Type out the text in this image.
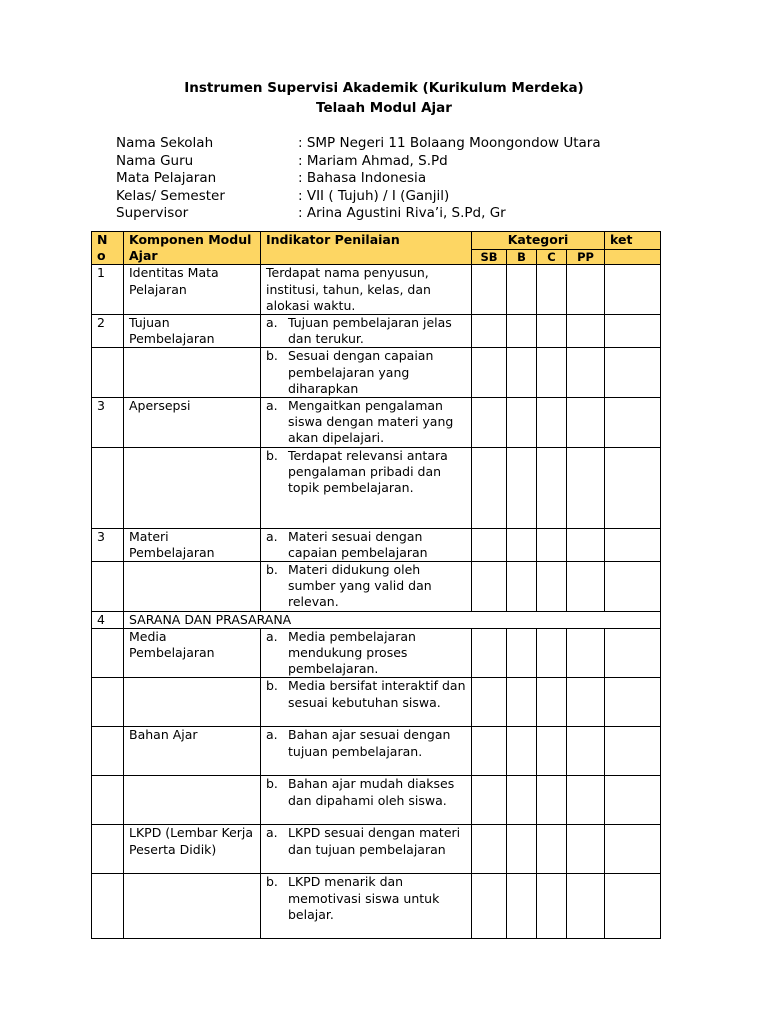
Instrumen Supervisi Akademik (Kurikulum Merdeka)
Telaah Modul Ajar
Nama Sekolah	: SMP Negeri 11 Bolaang Moongondow Utara
Nama Guru	: Mariam Ahmad, S.Pd
Mata Pelajaran	: Bahasa Indonesia
Kelas/ Semester	: VII ( Tujuh) / I (Ganjil)
Supervisor	: Arina Agustini Riva’i, S.Pd, Gr
N o	Komponen Modul Ajar	Indikator Penilaian	Kategori				ket
			SB	B	C	PP	
1	Identitas Mata Pelajaran	Terdapat nama penyusun, institusi, tahun, kelas, dan alokasi waktu.					
2	Tujuan Pembelajaran	a. Tujuan pembelajaran jelas dan terukur.					

		b. Sesuai dengan capaian pembelajaran yang diharapkan					

3	Apersepsi	a. Mengaitkan pengalaman siswa dengan materi yang akan dipelajari.					

		b. Terdapat relevansi antara pengalaman pribadi dan topik pembelajaran.					

3	Materi Pembelajaran	a. Materi sesuai dengan capaian pembelajaran					

		b. Materi didukung oleh sumber yang valid dan relevan.					

4	SARANA DAN PRASARANA						
	Media Pembelajaran	a. Media pembelajaran mendukung proses pembelajaran.					

		b. Media bersifat interaktif dan sesuai kebutuhan siswa.					

	Bahan Ajar	a. Bahan ajar sesuai dengan tujuan pembelajaran.					

		b. Bahan ajar mudah diakses dan dipahami oleh siswa.					

	LKPD (Lembar Kerja Peserta Didik)	a. LKPD sesuai dengan materi dan tujuan pembelajaran					

		b. LKPD menarik dan memotivasi siswa untuk belajar.					
